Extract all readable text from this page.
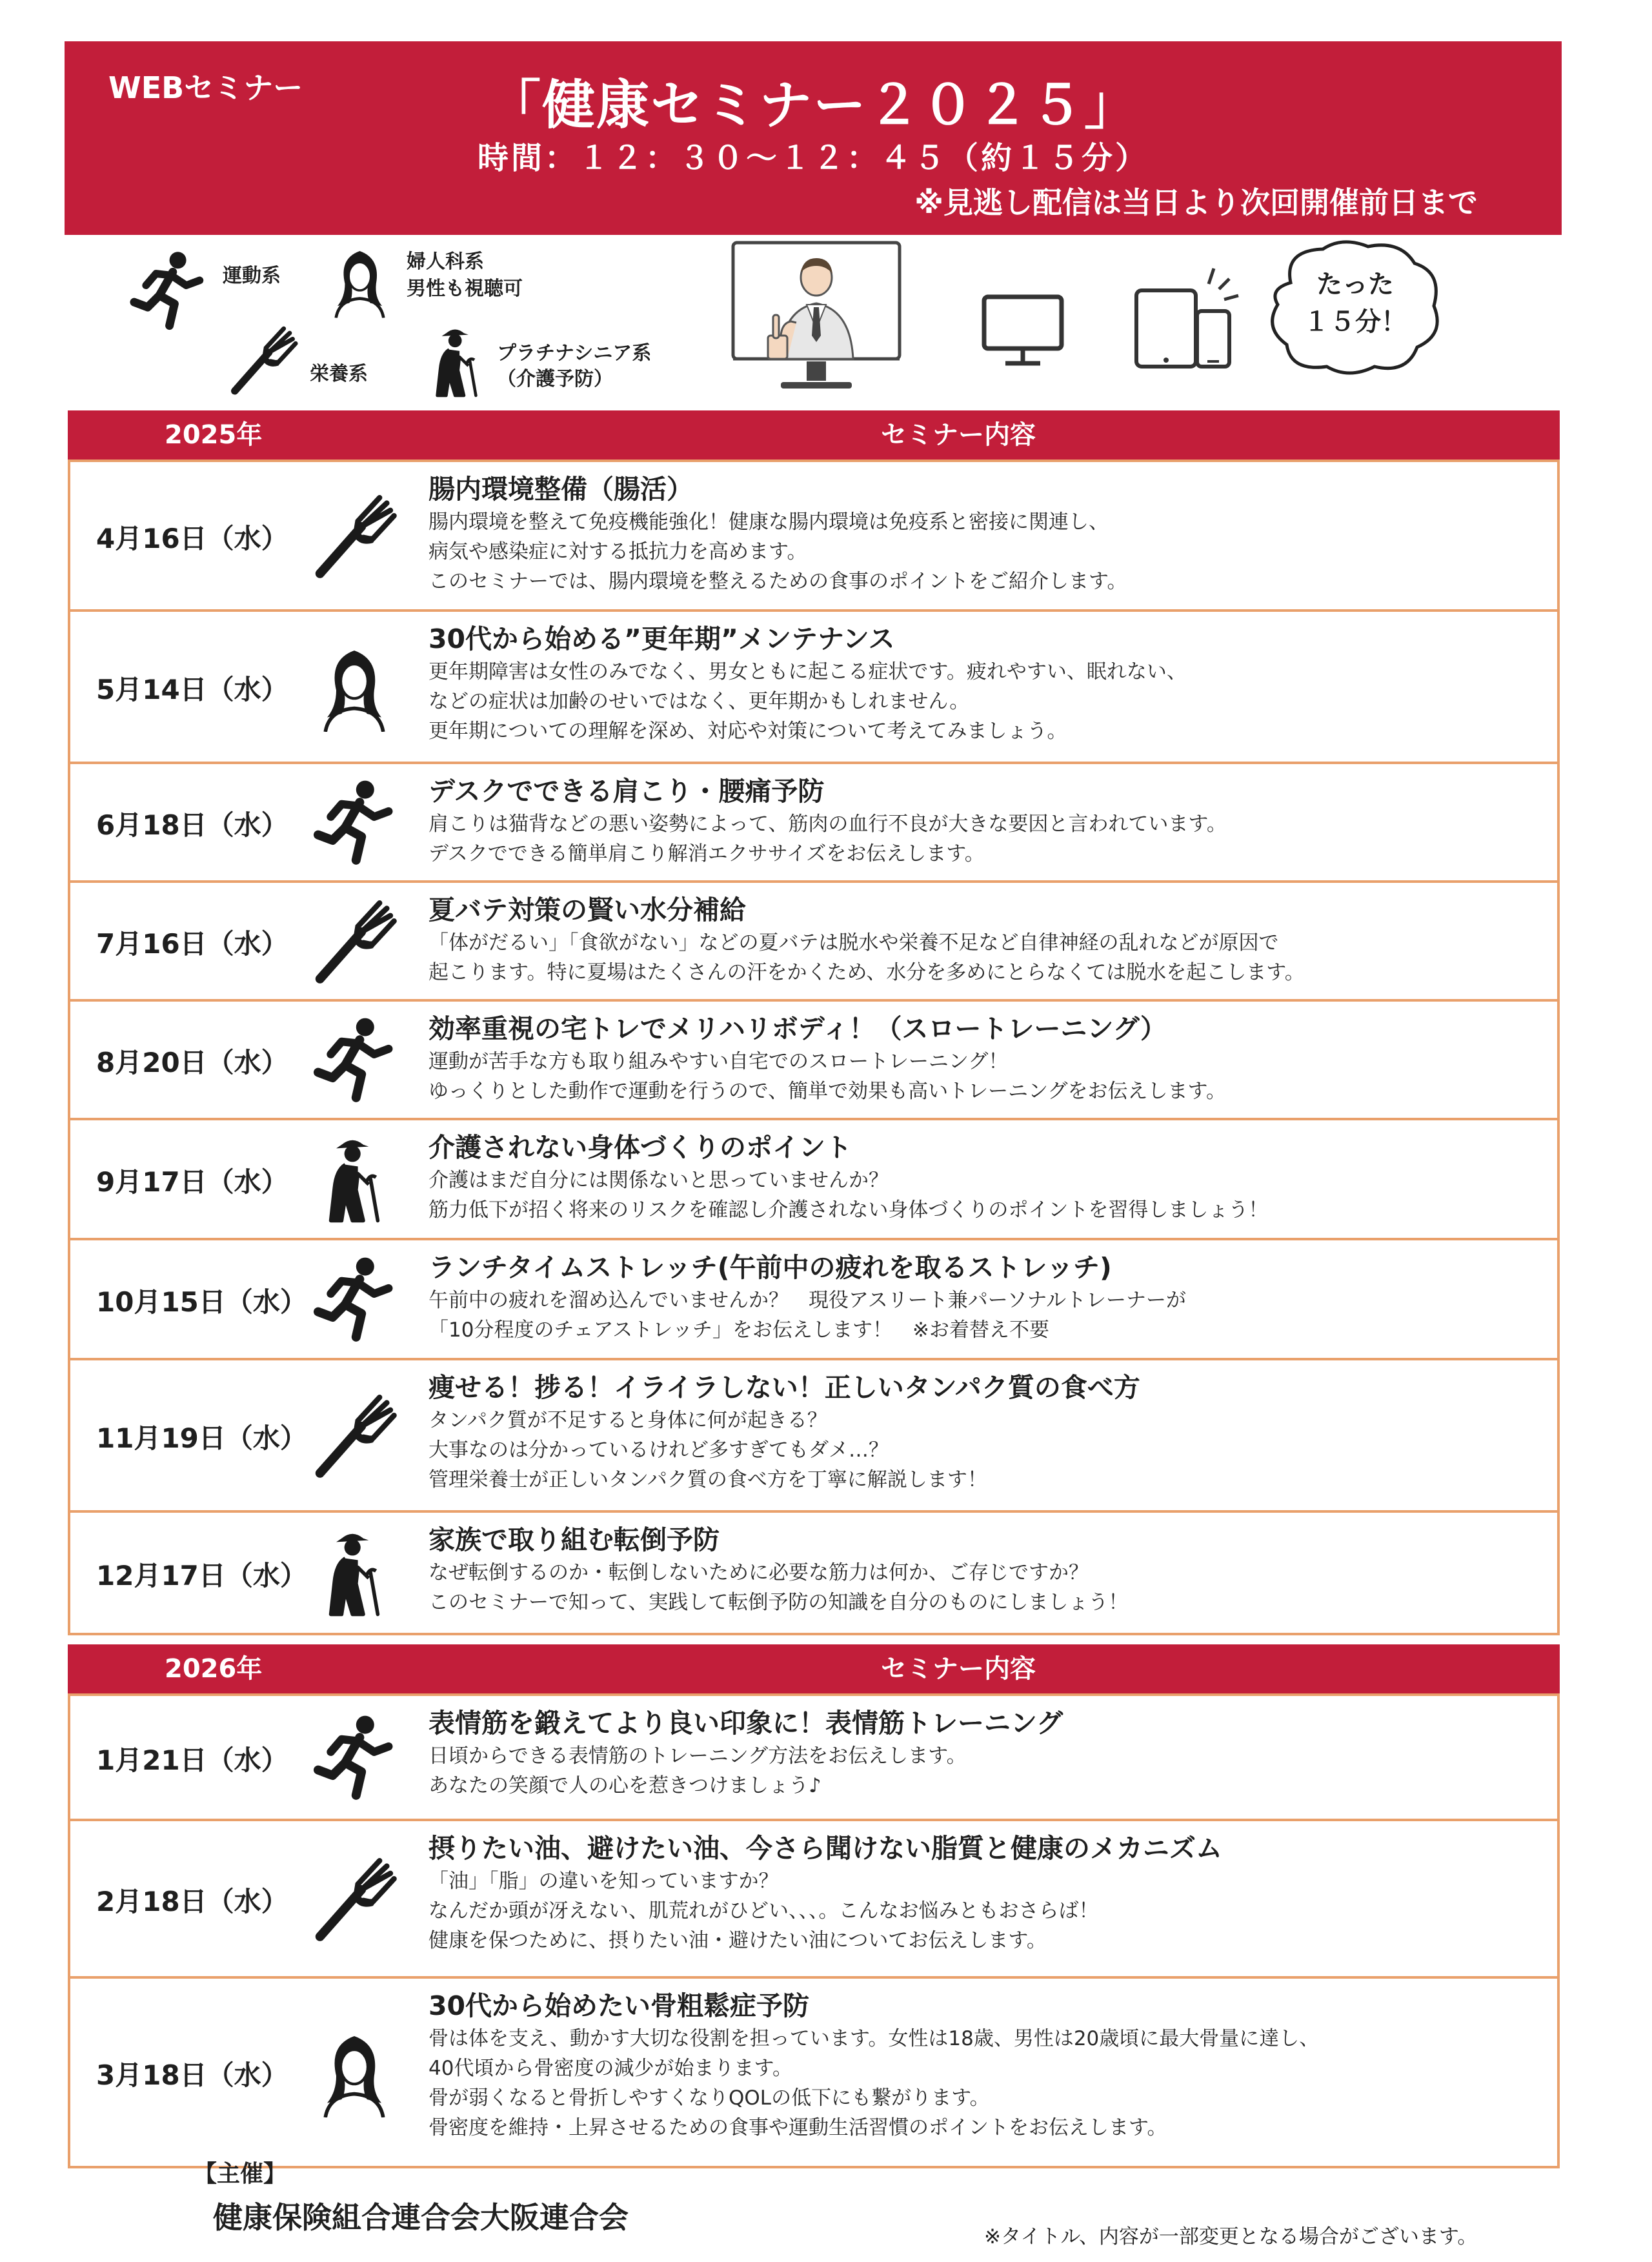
WEBセミナー	「健康セミナー２０２５」
時間：１２：３０～１２：４５（約１５分）
※見逃し配信は当日より次回開催前日まで
運動系
婦人科系
男性も視聴可
栄養系
プラチナシニア系
（介護予防）
たった
１５分！
2025年	セミナー内容
4月16日（水）
腸内環境整備（腸活）
腸内環境を整えて免疫機能強化！健康な腸内環境は免疫系と密接に関連し、
病気や感染症に対する抵抗力を高めます。
このセミナーでは、腸内環境を整えるための食事のポイントをご紹介します。
5月14日（水）
30代から始める”更年期”メンテナンス
更年期障害は女性のみでなく、男女ともに起こる症状です。疲れやすい、眠れない、
などの症状は加齢のせいではなく、更年期かもしれません。
更年期についての理解を深め、対応や対策について考えてみましょう。
6月18日（水）
デスクでできる肩こり・腰痛予防
肩こりは猫背などの悪い姿勢によって、筋肉の血行不良が大きな要因と言われています。
デスクでできる簡単肩こり解消エクササイズをお伝えします。
7月16日（水）
夏バテ対策の賢い水分補給
「体がだるい」「食欲がない」などの夏バテは脱水や栄養不足など自律神経の乱れなどが原因で
起こります。特に夏場はたくさんの汗をかくため、水分を多めにとらなくては脱水を起こします。
8月20日（水）
効率重視の宅トレでメリハリボディ！（スロートレーニング）
運動が苦手な方も取り組みやすい自宅でのスロートレーニング！
ゆっくりとした動作で運動を行うので、簡単で効果も高いトレーニングをお伝えします。
9月17日（水）
介護されない身体づくりのポイント
介護はまだ自分には関係ないと思っていませんか？
筋力低下が招く将来のリスクを確認し介護されない身体づくりのポイントを習得しましょう！
10月15日（水）
ランチタイムストレッチ(午前中の疲れを取るストレッチ)
午前中の疲れを溜め込んでいませんか？　現役アスリート兼パーソナルトレーナーが
「10分程度のチェアストレッチ」をお伝えします！　※お着替え不要
11月19日（水）
痩せる！捗る！イライラしない！正しいタンパク質の食べ方
タンパク質が不足すると身体に何が起きる？
大事なのは分かっているけれど多すぎてもダメ…？
管理栄養士が正しいタンパク質の食べ方を丁寧に解説します！
12月17日（水）
家族で取り組む転倒予防
なぜ転倒するのか・転倒しないために必要な筋力は何か、ご存じですか？
このセミナーで知って、実践して転倒予防の知識を自分のものにしましょう！
2026年	セミナー内容
1月21日（水）
表情筋を鍛えてより良い印象に！表情筋トレーニング
日頃からできる表情筋のトレーニング方法をお伝えします。
あなたの笑顔で人の心を惹きつけましょう♪
2月18日（水）
摂りたい油、避けたい油、今さら聞けない脂質と健康のメカニズム
「油」「脂」の違いを知っていますか？
なんだか頭が冴えない、肌荒れがひどい、、、。こんなお悩みともおさらば！
健康を保つために、摂りたい油・避けたい油についてお伝えします。
3月18日（水）
30代から始めたい骨粗鬆症予防
骨は体を支え、動かす大切な役割を担っています。女性は18歳、男性は20歳頃に最大骨量に達し、
40代頃から骨密度の減少が始まります。
骨が弱くなると骨折しやすくなりQOLの低下にも繋がります。
骨密度を維持・上昇させるための食事や運動生活習慣のポイントをお伝えします。
【主催】
健康保険組合連合会大阪連合会
※タイトル、内容が一部変更となる場合がございます。
